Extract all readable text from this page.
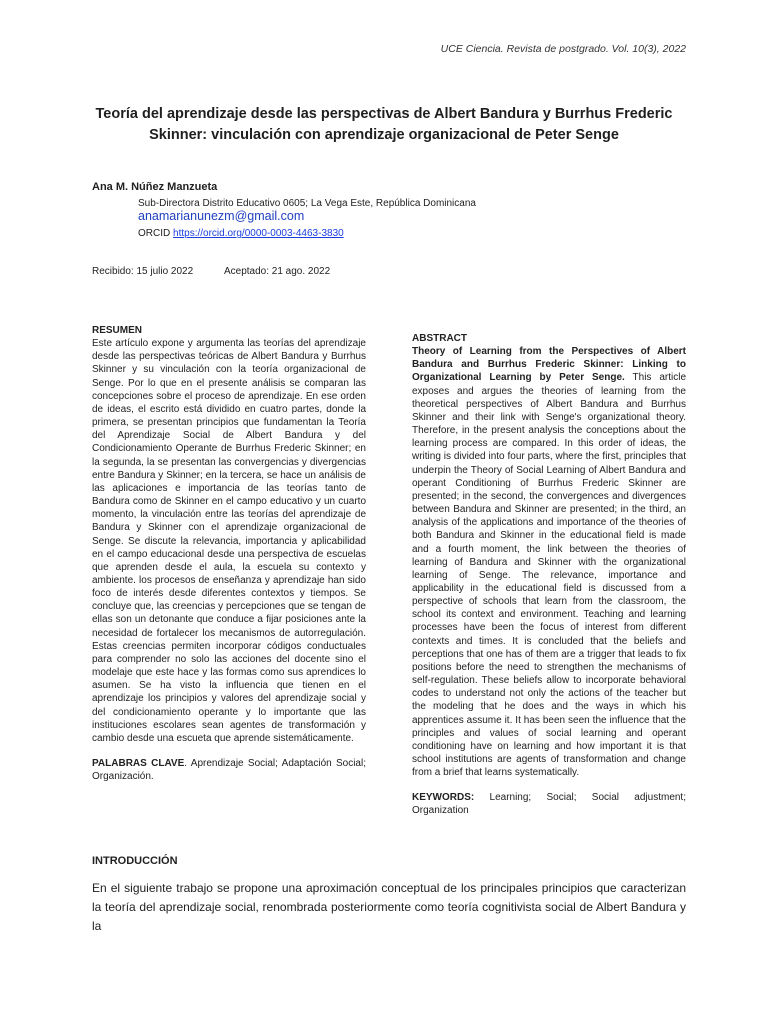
UCE Ciencia. Revista de postgrado. Vol. 10(3), 2022
Teoría del aprendizaje desde las perspectivas de Albert Bandura y Burrhus Frederic Skinner: vinculación con aprendizaje organizacional de Peter Senge
Ana M. Núñez Manzueta
Sub-Directora Distrito Educativo 0605; La Vega Este, República Dominicana
anamarianunezm@gmail.com
ORCID https://orcid.org/0000-0003-4463-3830
Recibido: 15 julio 2022	Aceptado: 21 ago. 2022

RESUMEN

Este artículo expone y argumenta las teorías del aprendizaje desde las perspectivas teóricas de Albert Bandura y Burrhus Skinner y su vinculación con la teoría organizacional de Senge. Por lo que en el presente análisis se comparan las concepciones sobre el proceso de aprendizaje. En ese orden de ideas, el escrito está dividido en cuatro partes, donde la primera, se presentan principios que fundamentan la Teoría del Aprendizaje Social de Albert Bandura y del Condicionamiento Operante de Burrhus Frederic Skinner; en la segunda, la se presentan las convergencias y divergencias entre Bandura y Skinner; en la tercera, se hace un análisis de las aplicaciones e importancia de las teorías tanto de Bandura como de Skinner en el campo educativo y un cuarto momento, la vinculación entre las teorías del aprendizaje de Bandura y Skinner con el aprendizaje organizacional de Senge. Se discute la relevancia, importancia y aplicabilidad en el campo educacional desde una perspectiva de escuelas que aprenden desde el aula, la escuela su contexto y ambiente. los procesos de enseñanza y aprendizaje han sido foco de interés desde diferentes contextos y tiempos. Se concluye que, las creencias y percepciones que se tengan de ellas son un detonante que conduce a fijar posiciones ante la necesidad de fortalecer los mecanismos de autorregulación. Estas creencias permiten incorporar códigos conductuales para comprender no solo las acciones del docente sino el modelaje que este hace y las formas como sus aprendices lo asumen. Se ha visto la influencia que tienen en el aprendizaje los principios y valores del aprendizaje social y del condicionamiento operante y lo importante que las instituciones escolares sean agentes de transformación y cambio desde una escueta que aprende sistemáticamente.

PALABRAS CLAVE. Aprendizaje Social; Adaptación Social; Organización.

ABSTRACT

Theory of Learning from the Perspectives of Albert Bandura and Burrhus Frederic Skinner: Linking to Organizational Learning by Peter Senge. This article exposes and argues the theories of learning from the theoretical perspectives of Albert Bandura and Burrhus Skinner and their link with Senge's organizational theory. Therefore, in the present analysis the conceptions about the learning process are compared. In this order of ideas, the writing is divided into four parts, where the first, principles that underpin the Theory of Social Learning of Albert Bandura and operant Conditioning of Burrhus Frederic Skinner are presented; in the second, the convergences and divergences between Bandura and Skinner are presented; in the third, an analysis of the applications and importance of the theories of both Bandura and Skinner in the educational field is made and a fourth moment, the link between the theories of learning of Bandura and Skinner with the organizational learning of Senge. The relevance, importance and applicability in the educational field is discussed from a perspective of schools that learn from the classroom, the school its context and environment. Teaching and learning processes have been the focus of interest from different contexts and times. It is concluded that the beliefs and perceptions that one has of them are a trigger that leads to fix positions before the need to strengthen the mechanisms of self-regulation. These beliefs allow to incorporate behavioral codes to understand not only the actions of the teacher but the modeling that he does and the ways in which his apprentices assume it. It has been seen the influence that the principles and values of social learning and operant conditioning have on learning and how important it is that school institutions are agents of transformation and change from a brief that learns systematically.

KEYWORDS: Learning; Social; Social adjustment; Organization

INTRODUCCIÓN
En el siguiente trabajo se propone una aproximación conceptual de los principales principios que caracterizan la teoría del aprendizaje social, renombrada posteriormente como teoría cognitivista social de Albert Bandura y la
